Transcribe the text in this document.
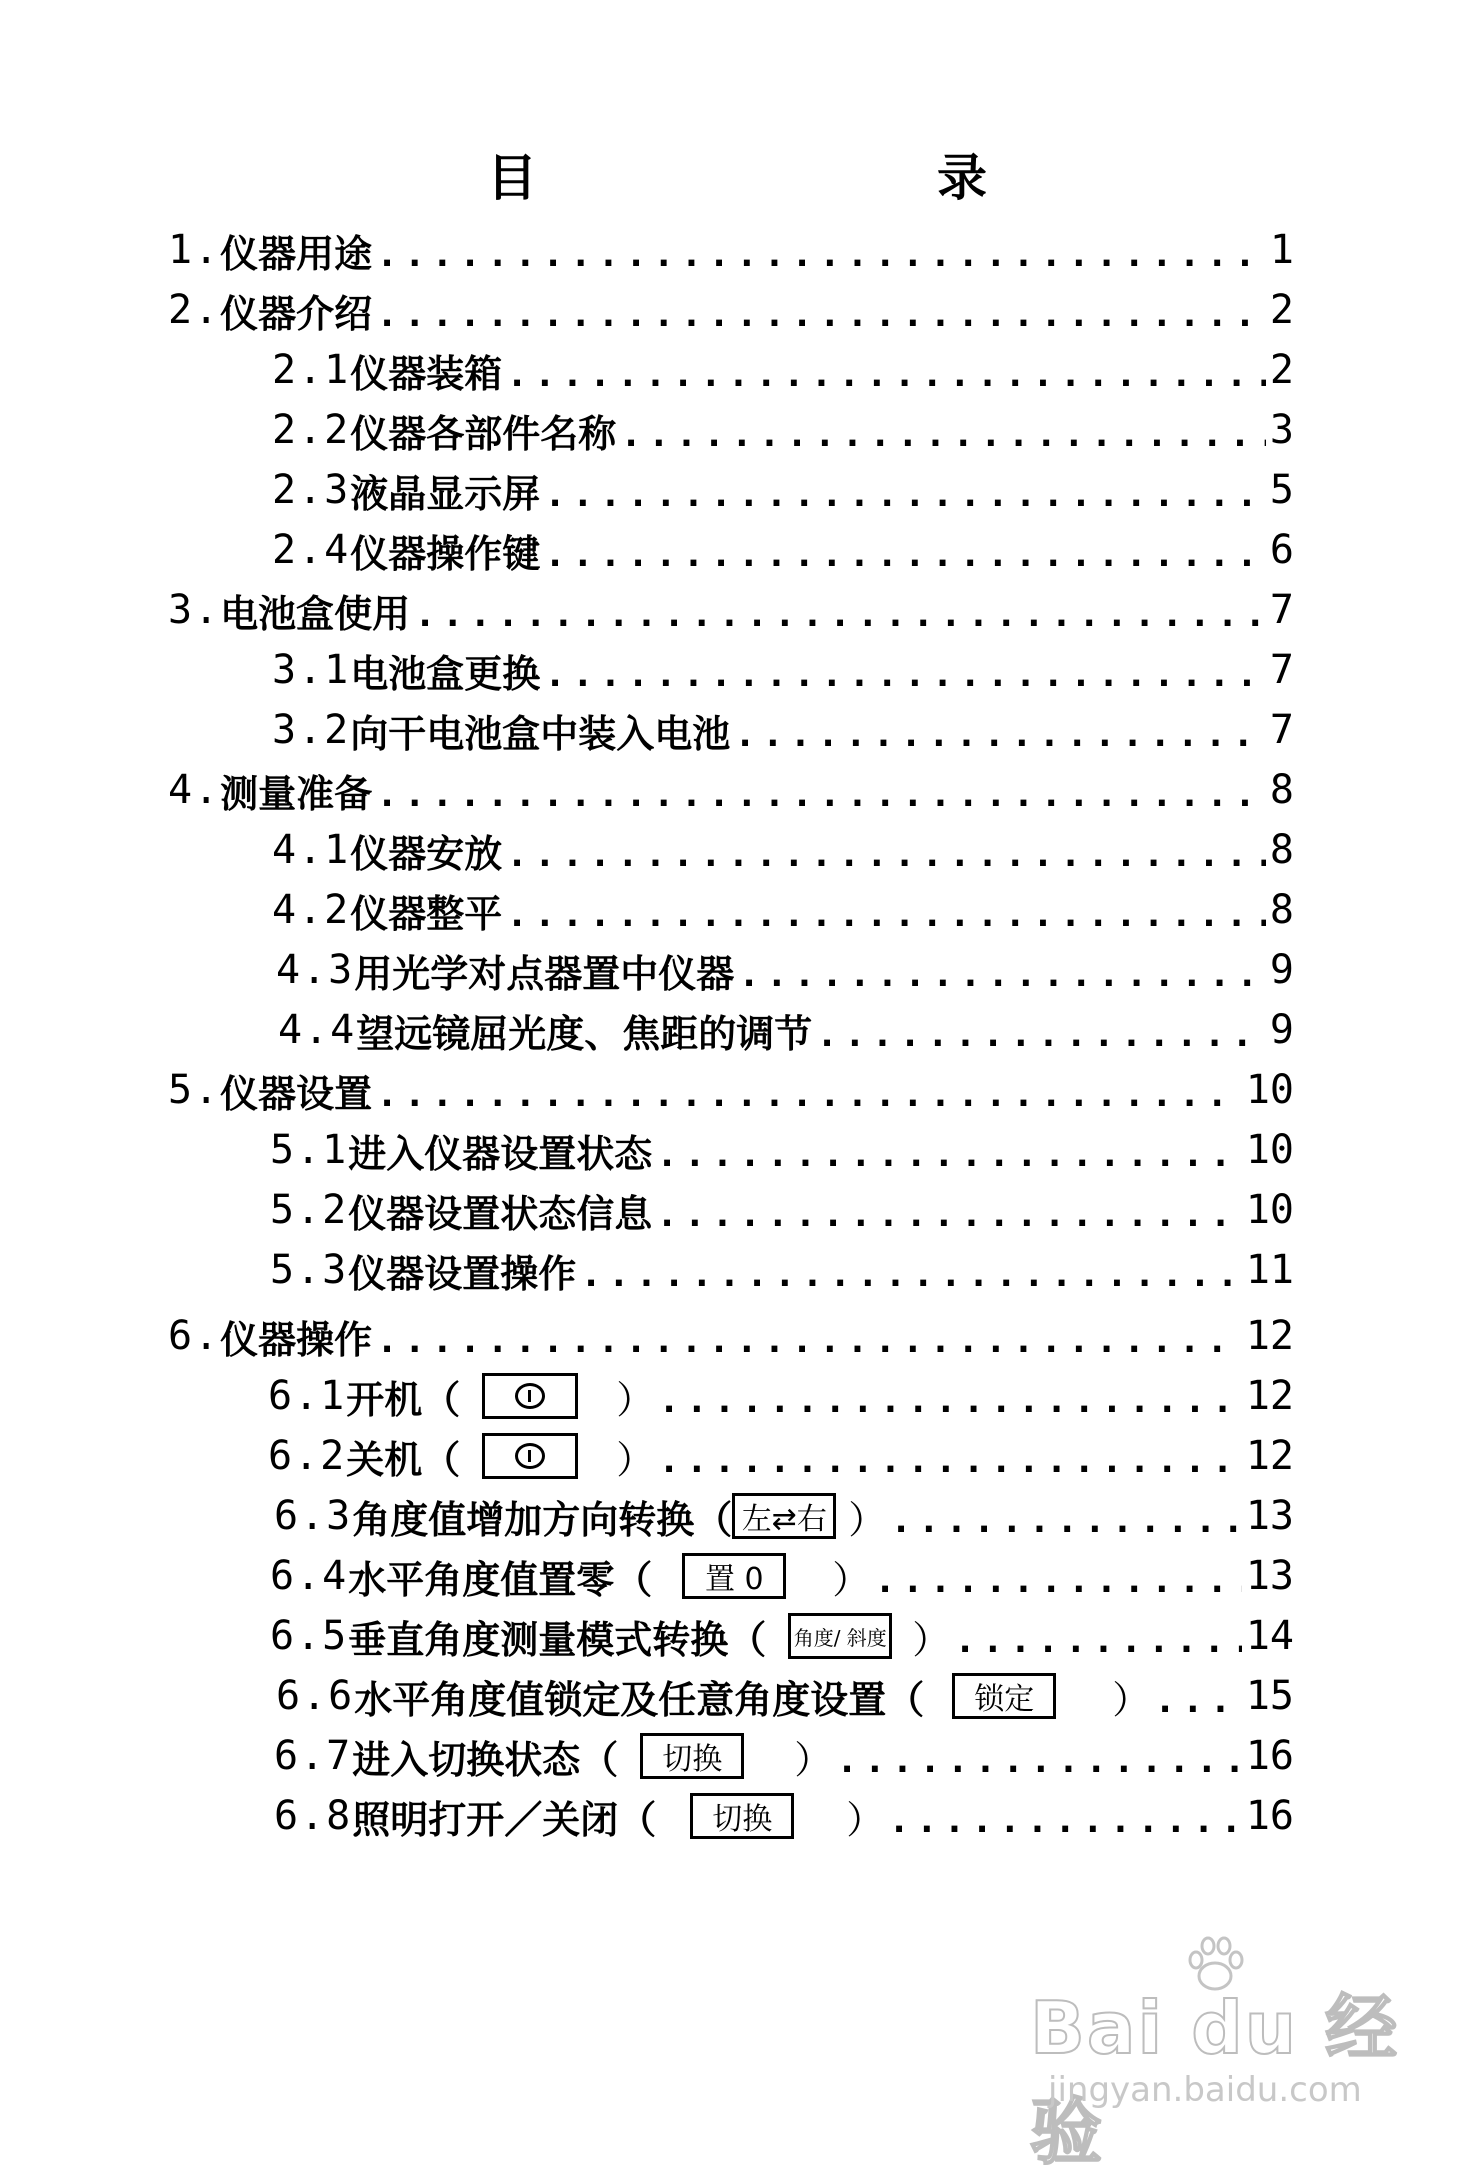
目　　录
1. 仪器用途 .....	1
2. 仪器介绍 .....	2
2.1 仪器装箱 .....	2
2.2 仪器各部件名称 .....	3
2.3 液晶显示屏 .....	5
2.4 仪器操作键 .....	6
3. 电池盒使用 .....	7
3.1 电池盒更换 .....	7
3.2 向干电池盒中装入电池 .....	7
4. 测量准备 .....	8
4.1 仪器安放 .....	8
4.2 仪器整平 .....	8
4.3 用光学对点器置中仪器 .....	9
4.4 望远镜屈光度、焦距的调节 .....	9
5. 仪器设置 .....	10
5.1 进入仪器设置状态 .....	10
5.2 仪器设置状态信息 .....	10
5.3 仪器设置操作 .....	11
6. 仪器操作 .....	12
6.1 开机（	） .....	12
6.2 关机（	） .....	12
6.3 角度值增加方向转换（ 左⇄右 ） .....	13
6.4 水平角度值置零（	置 0	） .....	13
6.5 垂直角度测量模式转换（ 角度/ 斜度 ） .....	14
6.6 水平角度值锁定及任意角度设置（	锁定	） ..... 15
6.7 进入切换状态（	切换	） .....	16
6.8 照明打开／关闭（	切换	） .....	16
Bai du 经验
jingyan.baidu.com
